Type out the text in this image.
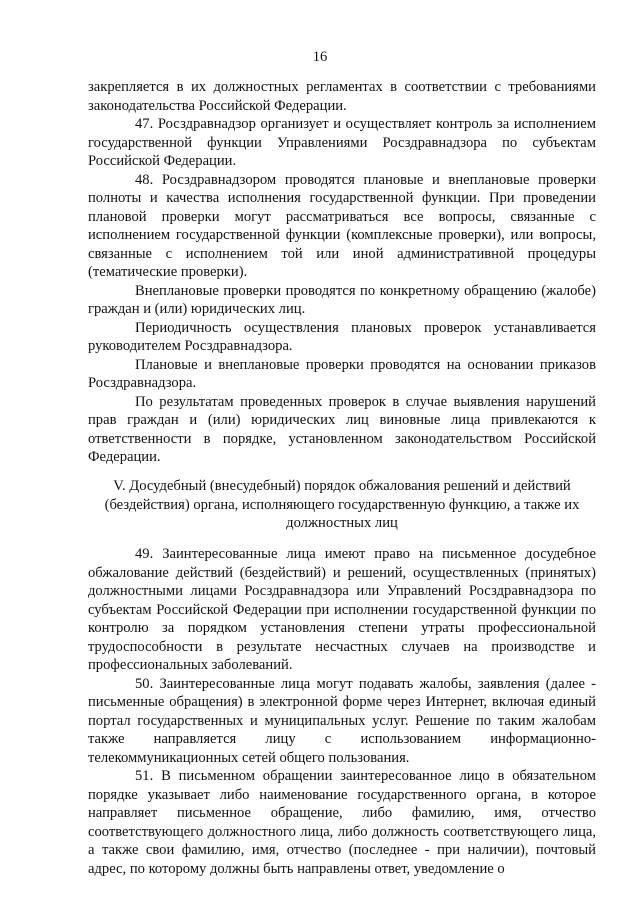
16

закрепляется в их должностных регламентах в соответствии с требованиями законодательства Российской Федерации.

47. Росздравнадзор организует и осуществляет контроль за исполнением государственной функции Управлениями Росздравнадзора по субъектам Российской Федерации.

48. Росздравнадзором проводятся плановые и внеплановые проверки полноты и качества исполнения государственной функции. При проведении плановой проверки могут рассматриваться все вопросы, связанные с исполнением государственной функции (комплексные проверки), или вопросы, связанные с исполнением той или иной административной процедуры (тематические проверки).

Внеплановые проверки проводятся по конкретному обращению (жалобе) граждан и (или) юридических лиц.

Периодичность осуществления плановых проверок устанавливается руководителем Росздравнадзора.

Плановые и внеплановые проверки проводятся на основании приказов Росздравнадзора.

По результатам проведенных проверок в случае выявления нарушений прав граждан и (или) юридических лиц виновные лица привлекаются к ответственности в порядке, установленном законодательством Российской Федерации.

V. Досудебный (внесудебный) порядок обжалования решений и действий (бездействия) органа, исполняющего государственную функцию, а также их должностных лиц

49. Заинтересованные лица имеют право на письменное досудебное обжалование действий (бездействий) и решений, осуществленных (принятых) должностными лицами Росздравнадзора или Управлений Росздравнадзора по субъектам Российской Федерации при исполнении государственной функции по контролю за порядком установления степени утраты профессиональной трудоспособности в результате несчастных случаев на производстве и профессиональных заболеваний.

50. Заинтересованные лица могут подавать жалобы, заявления (далее - письменные обращения) в электронной форме через Интернет, включая единый портал государственных и муниципальных услуг. Решение по таким жалобам также направляется лицу с использованием информационно-телекоммуникационных сетей общего пользования.

51. В письменном обращении заинтересованное лицо в обязательном порядке указывает либо наименование государственного органа, в которое направляет письменное обращение, либо фамилию, имя, отчество соответствующего должностного лица, либо должность соответствующего лица, а также свои фамилию, имя, отчество (последнее - при наличии), почтовый адрес, по которому должны быть направлены ответ, уведомление о
